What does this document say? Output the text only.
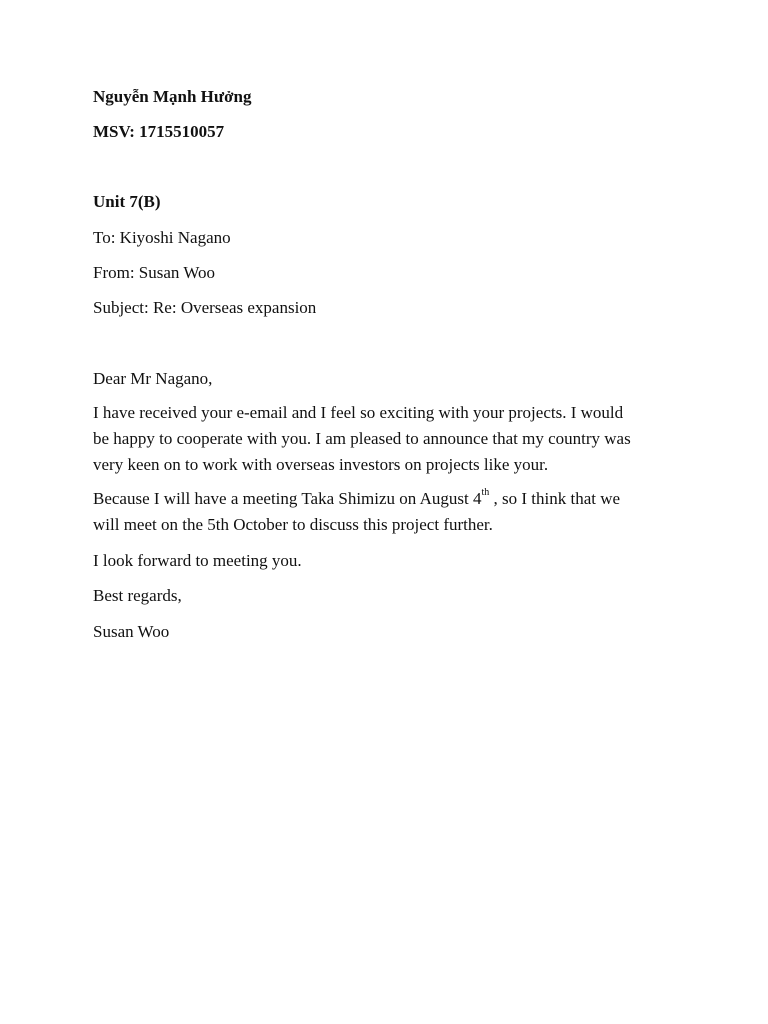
Nguyễn Mạnh Hưởng
MSV: 1715510057
Unit 7(B)
To: Kiyoshi Nagano
From: Susan Woo
Subject: Re: Overseas expansion
Dear Mr Nagano,
I have received your e-email and I feel so exciting with your projects. I would
be happy to cooperate with you. I am pleased to announce that my country was
very keen on to work with overseas investors on projects like your.
Because I will have a meeting Taka Shimizu on August 4th , so I think that we
will meet on the 5th October to discuss this project further.
I look forward to meeting you.
Best regards,
Susan Woo
